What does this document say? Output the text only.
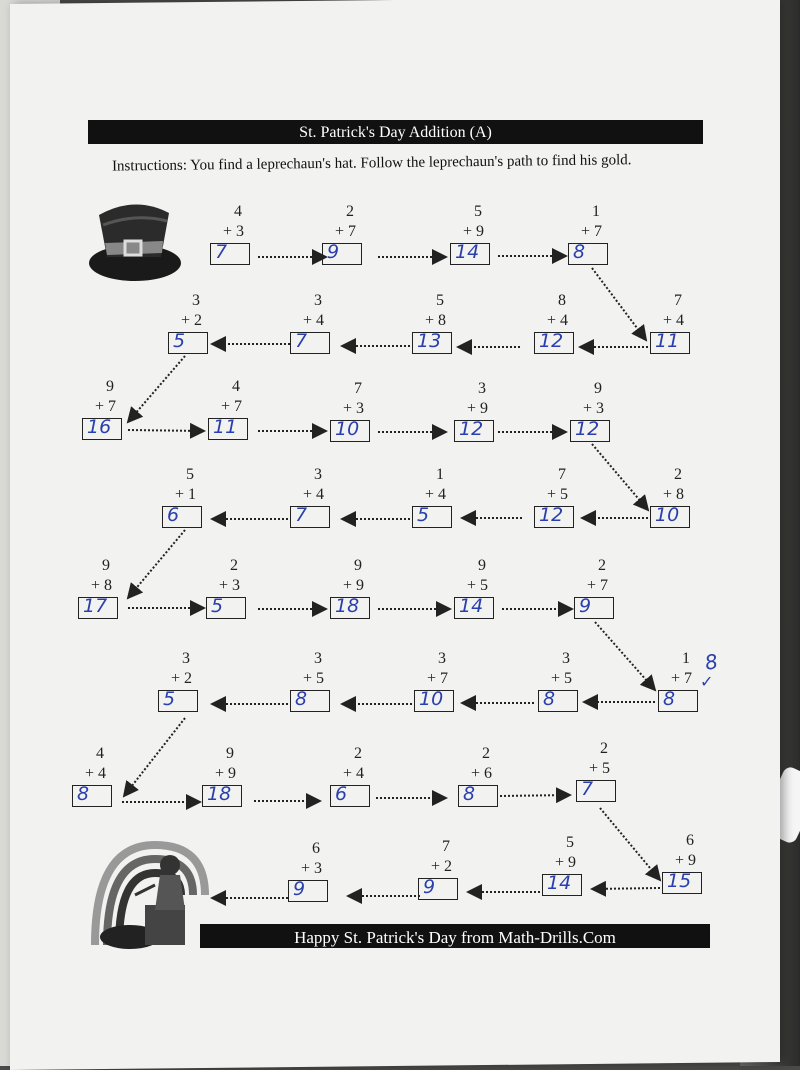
St. Patrick's Day Addition (A)
Instructions: You find a leprechaun's hat. Follow the leprechaun's path to find his gold.
4
+ 3
7
2
+ 7
9
5
+ 9
14
1
+ 7
8
7
+ 4
11
8
+ 4
12
5
+ 8
13
3
+ 4
7
3
+ 2
5
9
+ 7
16
4
+ 7
11
7
+ 3
10
3
+ 9
12
9
+ 3
12
2
+ 8
10
7
+ 5
12
1
+ 4
5
3
+ 4
7
5
+ 1
6
9
+ 8
17
2
+ 3
5
9
+ 9
18
9
+ 5
14
2
+ 7
9
1
+ 7
8
3
+ 5
8
3
+ 7
10
3
+ 5
8
3
+ 2
5
4
+ 4
8
9
+ 9
18
2
+ 4
6
2
+ 6
8
2
+ 5
7
6
+ 9
15
5
+ 9
14
7
+ 2
9
6
+ 3
9
8
✓
Happy St. Patrick's Day from Math-Drills.Com
